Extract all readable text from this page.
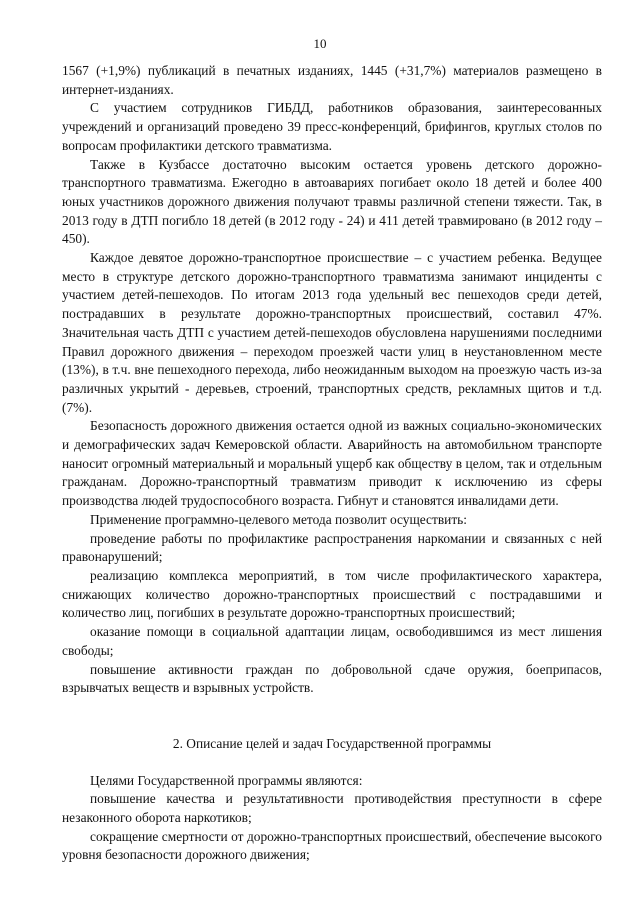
10

1567 (+1,9%) публикаций в печатных изданиях, 1445 (+31,7%) материалов размещено в интернет-изданиях.

С участием сотрудников ГИБДД, работников образования, заинтересованных учреждений и организаций проведено 39 пресс-конференций, брифингов, круглых столов по вопросам профилактики детского травматизма.

Также в Кузбассе достаточно высоким остается уровень детского дорожно-транспортного травматизма. Ежегодно в автоавариях погибает около 18 детей и более 400 юных участников дорожного движения получают травмы различной степени тяжести. Так, в 2013 году в ДТП погибло 18 детей (в 2012 году - 24) и 411 детей травмировано (в 2012 году – 450).

Каждое девятое дорожно-транспортное происшествие – с участием ребенка. Ведущее место в структуре детского дорожно-транспортного травматизма занимают инциденты с участием детей-пешеходов. По итогам 2013 года удельный вес пешеходов среди детей, пострадавших в результате дорожно-транспортных происшествий, составил 47%. Значительная часть ДТП с участием детей-пешеходов обусловлена нарушениями последними Правил дорожного движения – переходом проезжей части улиц в неустановленном месте (13%), в т.ч. вне пешеходного перехода, либо неожиданным выходом на проезжую часть из-за различных укрытий - деревьев, строений, транспортных средств, рекламных щитов и т.д. (7%).

Безопасность дорожного движения остается одной из важных социально-экономических и демографических задач Кемеровской области. Аварийность на автомобильном транспорте наносит огромный материальный и моральный ущерб как обществу в целом, так и отдельным гражданам. Дорожно-транспортный травматизм приводит к исключению из сферы производства людей трудоспособного возраста. Гибнут и становятся инвалидами дети.

Применение программно-целевого метода позволит осуществить:

проведение работы по профилактике распространения наркомании и связанных с ней правонарушений;

реализацию комплекса мероприятий, в том числе профилактического характера, снижающих количество дорожно-транспортных происшествий с пострадавшими и количество лиц, погибших в результате дорожно-транспортных происшествий;

оказание помощи в социальной адаптации лицам, освободившимся из мест лишения свободы;

повышение активности граждан по добровольной сдаче оружия, боеприпасов, взрывчатых веществ и взрывных устройств.

2. Описание целей и задач Государственной программы

Целями Государственной программы являются:

повышение качества и результативности противодействия преступности в сфере незаконного оборота наркотиков;

сокращение смертности от дорожно-транспортных происшествий, обеспечение высокого уровня безопасности дорожного движения;
